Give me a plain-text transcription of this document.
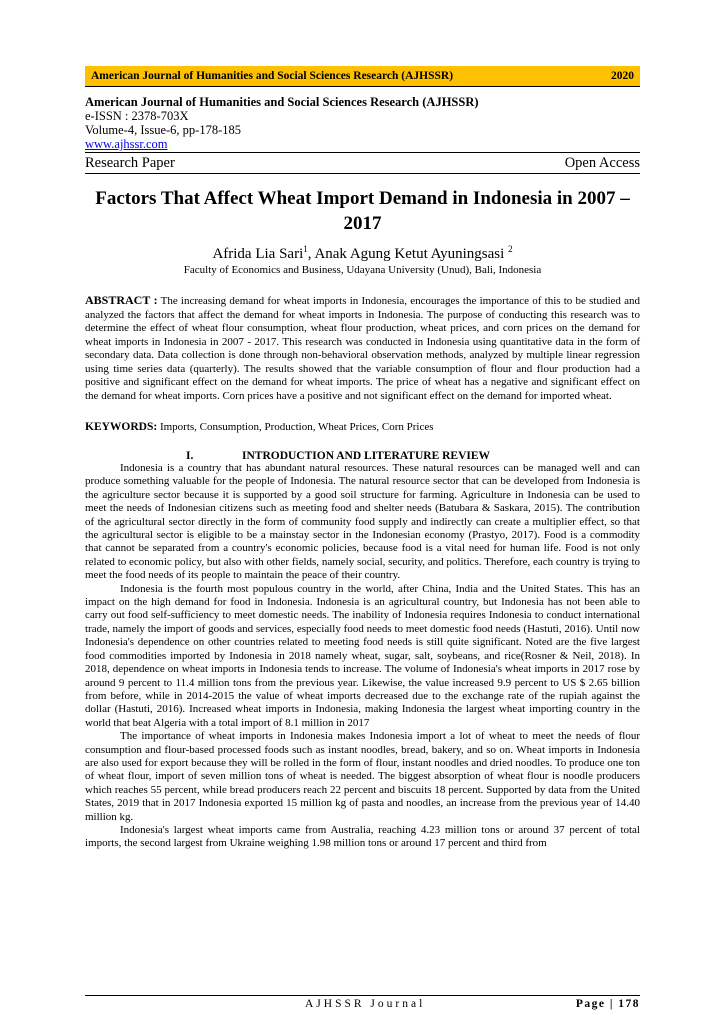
American Journal of Humanities and Social Sciences Research (AJHSSR)	2020
American Journal of Humanities and Social Sciences Research (AJHSSR)
e-ISSN : 2378-703X
Volume-4, Issue-6, pp-178-185
www.ajhssr.com
Research Paper	Open Access
Factors That Affect Wheat Import Demand in Indonesia in 2007 – 2017
Afrida Lia Sari$^1$, Anak Agung Ketut Ayuningsasi $^2$
Faculty of Economics and Business, Udayana University (Unud), Bali, Indonesia
ABSTRACT : The increasing demand for wheat imports in Indonesia, encourages the importance of this to be studied and analyzed the factors that affect the demand for wheat imports in Indonesia. The purpose of conducting this research was to determine the effect of wheat flour consumption, wheat flour production, wheat prices, and corn prices on the demand for wheat imports in Indonesia in 2007 - 2017. This research was conducted in Indonesia using quantitative data in the form of secondary data. Data collection is done through non-behavioral observation methods, analyzed by multiple linear regression using time series data (quarterly). The results showed that the variable consumption of flour and flour production had a positive and significant effect on the demand for wheat imports. The price of wheat has a negative and significant effect on the demand for wheat imports. Corn prices have a positive and not significant effect on the demand for imported wheat.
KEYWORDS: Imports, Consumption, Production, Wheat Prices, Corn Prices
I.	INTRODUCTION AND LITERATURE REVIEW

Indonesia is a country that has abundant natural resources. These natural resources can be managed well and can produce something valuable for the people of Indonesia. The natural resource sector that can be developed from Indonesia is the agriculture sector because it is supported by a good soil structure for farming. Agriculture in Indonesia can be used to meet the needs of Indonesian citizens such as meeting food and shelter needs (Batubara & Saskara, 2015). The contribution of the agricultural sector directly in the form of community food supply and indirectly can create a multiplier effect, so that the agricultural sector is eligible to be a mainstay sector in the Indonesian economy (Prastyo, 2017). Food is a commodity that cannot be separated from a country's economic policies, because food is a vital need for human life. Food is not only related to economic policy, but also with other fields, namely social, security, and politics. Therefore, each country is trying to meet the food needs of its people to maintain the peace of their country.

Indonesia is the fourth most populous country in the world, after China, India and the United States. This has an impact on the high demand for food in Indonesia. Indonesia is an agricultural country, but Indonesia has not been able to carry out food self-sufficiency to meet domestic needs. The inability of Indonesia requires Indonesia to conduct international trade, namely the import of goods and services, especially food needs to meet domestic food needs (Hastuti, 2016). Until now Indonesia's dependence on other countries related to meeting food needs is still quite significant. Noted are the five largest food commodities imported by Indonesia in 2018 namely wheat, sugar, salt, soybeans, and rice(Rosner & Neil, 2018). In 2018, dependence on wheat imports in Indonesia tends to increase. The volume of Indonesia's wheat imports in 2017 rose by around 9 percent to 11.4 million tons from the previous year. Likewise, the value increased 9.9 percent to US $ 2.65 billion from before, while in 2014-2015 the value of wheat imports decreased due to the exchange rate of the rupiah against the dollar (Hastuti, 2016). Increased wheat imports in Indonesia, making Indonesia the largest wheat importing country in the world that beat Algeria with a total import of 8.1 million in 2017

The importance of wheat imports in Indonesia makes Indonesia import a lot of wheat to meet the needs of flour consumption and flour-based processed foods such as instant noodles, bread, bakery, and so on. Wheat imports in Indonesia are also used for export because they will be rolled in the form of flour, instant noodles and dried noodles. To produce one ton of wheat flour, import of seven million tons of wheat is needed. The biggest absorption of wheat flour is noodle producers which reaches 55 percent, while bread producers reach 22 percent and biscuits 18 percent. Supported by data from the United States, 2019 that in 2017 Indonesia exported 15 million kg of pasta and noodles, an increase from the previous year of 14.40 million kg.

Indonesia's largest wheat imports came from Australia, reaching 4.23 million tons or around 37 percent of total imports, the second largest from Ukraine weighing 1.98 million tons or around 17 percent and third from

AJHSSR Journal	Page | 178
